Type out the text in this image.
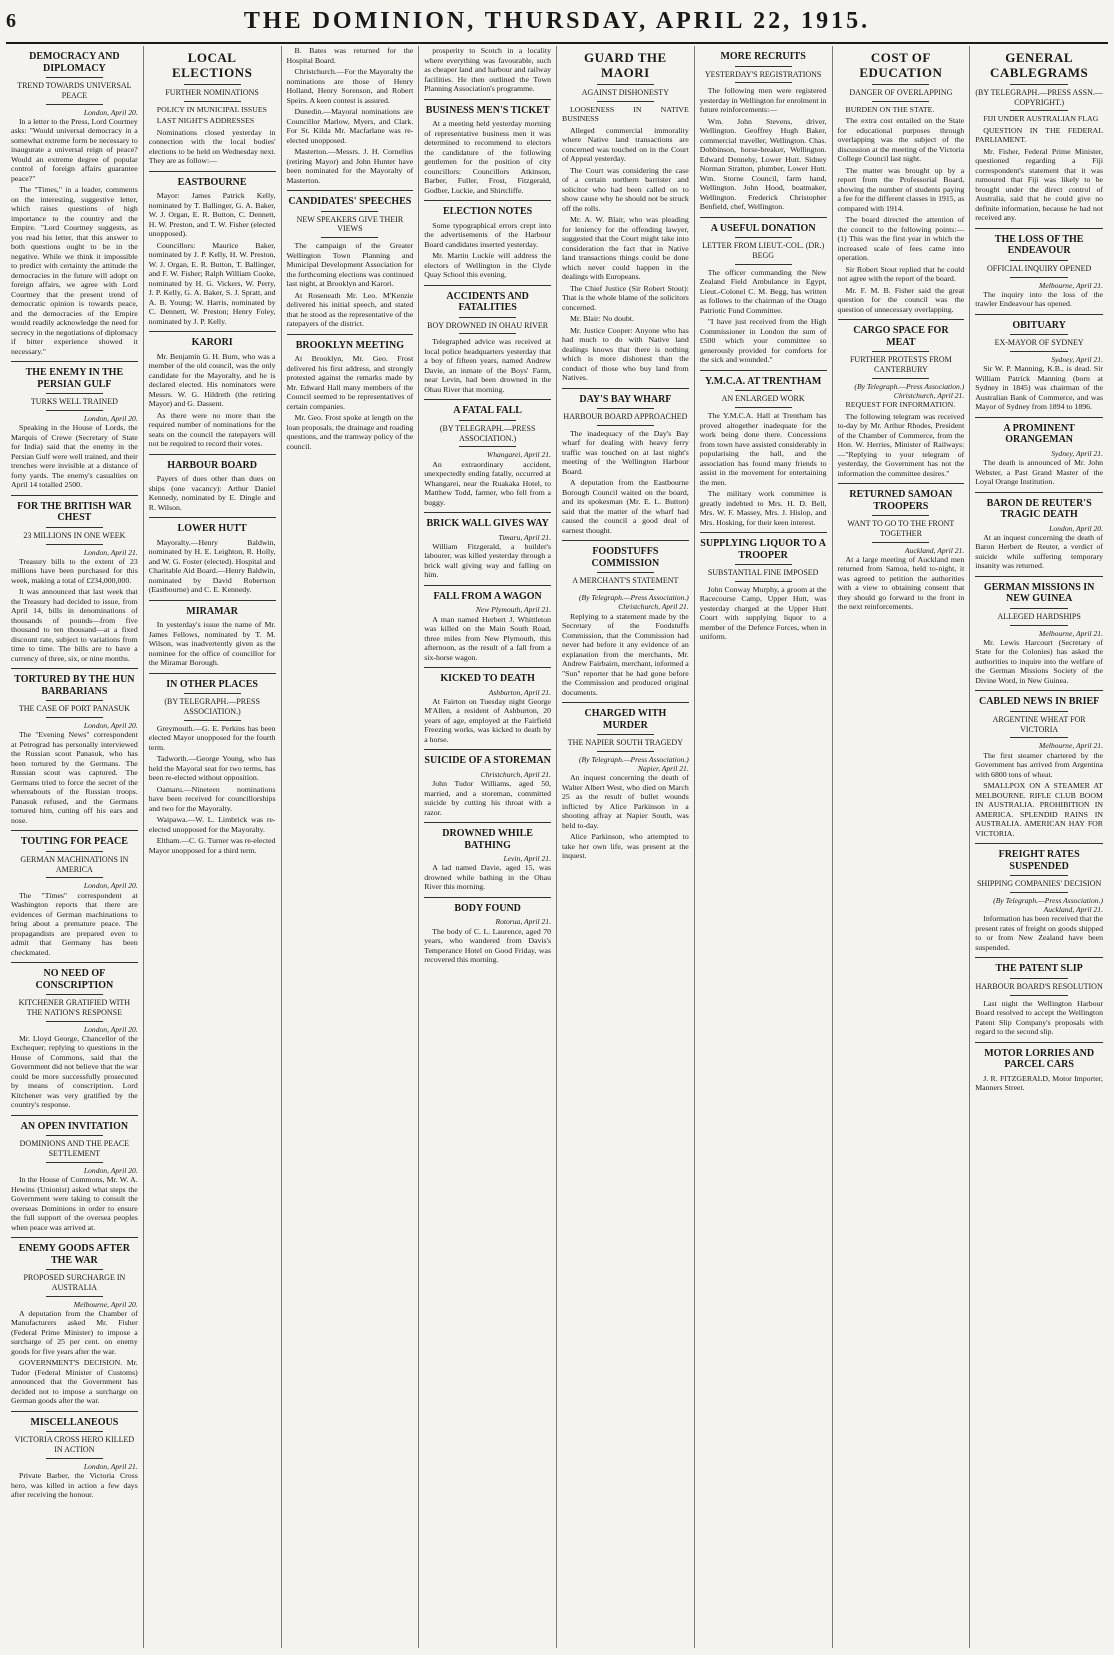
6	THE DOMINION, THURSDAY, APRIL 22, 1915.
DEMOCRACY AND DIPLOMACY
TREND TOWARDS UNIVERSAL PEACE
London, April 20.

In a letter to the Press, Lord Courtney asks: "Would universal democracy in a somewhat extreme form be necessary to inaugurate a universal reign of peace? Would an extreme degree of popular control of foreign affairs guarantee peace?"

The "Times," in a leader, comments on the interesting, suggestive letter, which raises questions of high importance to the country and the Empire. "Lord Courtney suggests, as you read his letter, that this answer to both questions ought to be in the negative. While we think it impossible to predict with certainty the attitude the democracies in the future will adopt on foreign affairs, we agree with Lord Courtney that the present trend of democratic opinion is towards peace, and the democracies of the Empire would readily acknowledge the need for secrecy in the negotiations of diplomacy if bitter experience showed it necessary."

THE ENEMY IN THE PERSIAN GULF
TURKS WELL TRAINED
London, April 20.

Speaking in the House of Lords, the Marquis of Crewe (Secretary of State for India) said that the enemy in the Persian Gulf were well trained, and their trenches were invisible at a distance of forty yards. The enemy's casualties on April 14 totalled 2500.

FOR THE BRITISH WAR CHEST
23 MILLIONS IN ONE WEEK
London, April 21.

Treasury bills to the extent of 23 millions have been purchased for this week, making a total of £234,000,000.

It was announced that last week that the Treasury had decided to issue, from April 14, bills in denominations of thousands of pounds—from five thousand to ten thousand—at a fixed discount rate, subject to variations from time to time. The bills are to have a currency of three, six, or nine months.

TORTURED BY THE HUN BARBARIANS
THE CASE OF PORT PANASUK
London, April 20.

The "Evening News" correspondent at Petrograd has personally interviewed the Russian scout Panasuk, who has been tortured by the Germans. The Russian scout was captured. The Germans tried to force the secret of the whereabouts of the Russian troops. Panasuk refused, and the Germans tortured him, cutting off his ears and nose.

TOUTING FOR PEACE
GERMAN MACHINATIONS IN AMERICA
London, April 20.

The "Times" correspondent at Washington reports that there are evidences of German machinations to bring about a premature peace. The propagandists are prepared even to admit that Germany has been checkmated.

NO NEED OF CONSCRIPTION
KITCHENER GRATIFIED WITH THE NATION'S RESPONSE
London, April 20.

Mr. Lloyd George, Chancellor of the Exchequer, replying to questions in the House of Commons, said that the Government did not believe that the war could be more successfully prosecuted by means of conscription. Lord Kitchener was very gratified by the country's response.

AN OPEN INVITATION
DOMINIONS AND THE PEACE SETTLEMENT
London, April 20.

In the House of Commons, Mr. W. A. Hewins (Unionist) asked what steps the Government were taking to consult the overseas Dominions in order to ensure the full support of the oversea peoples when peace was arrived at.

ENEMY GOODS AFTER THE WAR
PROPOSED SURCHARGE IN AUSTRALIA
Melbourne, April 20.

A deputation from the Chamber of Manufacturers asked Mr. Fisher (Federal Prime Minister) to impose a surcharge of 25 per cent. on enemy goods for five years after the war.

GOVERNMENT'S DECISION. Mr. Tudor (Federal Minister of Customs) announced that the Government has decided not to impose a surcharge on German goods after the war.

MISCELLANEOUS
VICTORIA CROSS HERO KILLED IN ACTION
London, April 21.

Private Barber, the Victoria Cross hero, was killed in action a few days after receiving the honour.

LOCAL ELECTIONS
FURTHER NOMINATIONS

POLICY IN MUNICIPAL ISSUES

LAST NIGHT'S ADDRESSES

Nominations closed yesterday in connection with the local bodies' elections to be held on Wednesday next. They are as follow:—

EASTBOURNE

Mayor: James Patrick Kelly, nominated by T. Ballinger, G. A. Baker, W. J. Organ, E. R. Button, C. Dennett, H. W. Preston, and T. W. Fisher (elected unopposed).

Councillors: Maurice Baker, nominated by J. P. Kelly, H. W. Preston, W. J. Organ, E. R. Button, T. Ballinger, and F. W. Fisher; Ralph William Cooke, nominated by H. G. Vickers, W. Perry, J. P. Kelly, G. A. Baker, S. J. Spratt, and A. B. Young; W. Harris, nominated by C. Dennett, W. Preston; Henry Foley, nominated by J. P. Kelly.

KARORI

Mr. Benjamin G. H. Burn, who was a member of the old council, was the only candidate for the Mayoralty, and he is declared elected. His nominators were Messrs. W. G. Hildreth (the retiring Mayor) and G. Dassent.

As there were no more than the required number of nominations for the seats on the council the ratepayers will not be required to record their votes.

HARBOUR BOARD

Payers of dues other than dues on ships (one vacancy): Arthur Daniel Kennedy, nominated by E. Dingle and R. Wilson.

LOWER HUTT

Mayoralty.—Henry Baldwin, nominated by H. E. Leighton, R. Holly, and W. G. Foster (elected). Hospital and Charitable Aid Board.—Henry Baldwin, nominated by David Robertson (Eastbourne) and C. E. Kennedy.

MIRAMAR

In yesterday's issue the name of Mr. James Fellows, nominated by T. M. Wilson, was inadvertently given as the nominee for the office of councillor for the Miramar Borough.

IN OTHER PLACES
(BY TELEGRAPH.—PRESS ASSOCIATION.)

Greymouth.—G. E. Perkins has been elected Mayor unopposed for the fourth term.

Tadworth.—George Young, who has held the Mayoral seat for two terms, has been re-elected without opposition.

Oamaru.—Nineteen nominations have been received for councillorships and two for the Mayoralty.

Waipawa.—W. L. Limbrick was re-elected unopposed for the Mayoralty.

Eltham.—C. G. Turner was re-elected Mayor unopposed for a third term.

B. Bates was returned for the Hospital Board.

Christchurch.—For the Mayoralty the nominations are those of Henry Holland, Henry Sorenson, and Robert Speirs. A keen contest is assured.

Dunedin.—Mayoral nominations are Councillor Marlow, Myers, and Clark. For St. Kilda Mr. Macfarlane was re-elected unopposed.

Masterton.—Messrs. J. H. Cornelius (retiring Mayor) and John Hunter have been nominated for the Mayoralty of Masterton.

CANDIDATES' SPEECHES
NEW SPEAKERS GIVE THEIR VIEWS

The campaign of the Greater Wellington Town Planning and Municipal Development Association for the forthcoming elections was continued last night, at Brooklyn and Karori.

At Roseneath Mr. Leo. M'Kenzie delivered his initial speech, and stated that he stood as the representative of the ratepayers of the district.

BROOKLYN MEETING

At Brooklyn, Mr. Geo. Frost delivered his first address, and strongly protested against the remarks made by Mr. Edward Hall many members of the Council seemed to be representatives of certain companies.

Mr. Geo. Frost spoke at length on the loan proposals, the drainage and roading questions, and the tramway policy of the council.

prosperity to Scotch in a locality where everything was favourable, such as cheaper land and harbour and railway facilities. He then outlined the Town Planning Association's programme.

BUSINESS MEN'S TICKET

At a meeting held yesterday morning of representative business men it was determined to recommend to electors the candidature of the following gentlemen for the position of city councillors: Councillors Atkinson, Barber, Fuller, Frost, Fitzgerald, Godber, Luckie, and Shirtcliffe.

ELECTION NOTES

Some typographical errors crept into the advertisements of the Harbour Board candidates inserted yesterday.

Mr. Martin Luckie will address the electors of Wellington in the Clyde Quay School this evening.

ACCIDENTS AND FATALITIES
BOY DROWNED IN OHAU RIVER

Telegraphed advice was received at local police headquarters yesterday that a boy of fifteen years, named Andrew Davie, an inmate of the Boys' Farm, near Levin, had been drowned in the Ohau River that morning.

A FATAL FALL
(BY TELEGRAPH.—PRESS ASSOCIATION.)
Whangarei, April 21.

An extraordinary accident, unexpectedly ending fatally, occurred at Whangarei, near the Ruakaka Hotel, to Matthew Todd, farmer, who fell from a buggy.

BRICK WALL GIVES WAY
Timaru, April 21.

William Fitzgerald, a builder's labourer, was killed yesterday through a brick wall giving way and falling on him.

FALL FROM A WAGON
New Plymouth, April 21.

A man named Herbert J. Whittleton was killed on the Main South Road, three miles from New Plymouth, this afternoon, as the result of a fall from a six-horse wagon.

KICKED TO DEATH
Ashburton, April 21.

At Fairton on Tuesday night George M'Allen, a resident of Ashburton, 20 years of age, employed at the Fairfield Freezing works, was kicked to death by a horse.

SUICIDE OF A STOREMAN
Christchurch, April 21.

John Tudor Williams, aged 50, married, and a storeman, committed suicide by cutting his throat with a razor.

DROWNED WHILE BATHING
Levin, April 21.

A lad named Davie, aged 15, was drowned while bathing in the Ohau River this morning.

BODY FOUND
Rotorua, April 21.

The body of C. L. Laurence, aged 70 years, who wandered from Davis's Temperance Hotel on Good Friday, was recovered this morning.

GUARD THE MAORI
AGAINST DISHONESTY

LOOSENESS IN NATIVE BUSINESS

Alleged commercial immorality where Native land transactions are concerned was touched on in the Court of Appeal yesterday.

The Court was considering the case of a certain northern barrister and solicitor who had been called on to show cause why he should not be struck off the rolls.

Mr. A. W. Blair, who was pleading for leniency for the offending lawyer, suggested that the Court might take into consideration the fact that in Native land transactions things could be done which never could happen in the dealings with Europeans.

The Chief Justice (Sir Robert Stout): That is the whole blame of the solicitors concerned.

Mr. Blair: No doubt.

Mr. Justice Cooper: Anyone who has had much to do with Native land dealings knows that there is nothing which is more dishonest than the conduct of those who buy land from Natives.

DAY'S BAY WHARF
HARBOUR BOARD APPROACHED

The inadequacy of the Day's Bay wharf for dealing with heavy ferry traffic was touched on at last night's meeting of the Wellington Harbour Board.

A deputation from the Eastbourne Borough Council waited on the board, and its spokesman (Mr. E. L. Button) said that the matter of the wharf had caused the council a good deal of earnest thought.

FOODSTUFFS COMMISSION
A MERCHANT'S STATEMENT
(By Telegraph.—Press Association.) Christchurch, April 21.

Replying to a statement made by the Secretary of the Foodstuffs Commission, that the Commission had never had before it any evidence of an explanation from the merchants, Mr. Andrew Fairbairn, merchant, informed a "Sun" reporter that he had gone before the Commission and produced original documents.

CHARGED WITH MURDER
THE NAPIER SOUTH TRAGEDY
(By Telegraph.—Press Association.) Napier, April 21.

An inquest concerning the death of Walter Albert West, who died on March 25 as the result of bullet wounds inflicted by Alice Parkinson in a shooting affray at Napier South, was held to-day.

Alice Parkinson, who attempted to take her own life, was present at the inquest.

MORE RECRUITS
YESTERDAY'S REGISTRATIONS

The following men were registered yesterday in Wellington for enrolment in future reinforcements:—

Wm. John Stevens, driver, Wellington. Geoffrey Hugh Baker, commercial traveller, Wellington. Chas. Dobbinson, horse-breaker, Wellington. Edward Dennehy, Lower Hutt. Sidney Norman Stratton, plumber, Lower Hutt. Wm. Storne Council, farm hand, Wellington. John Hood, boatmaker, Wellington. Frederick Christopher Benfield, chef, Wellington.

A USEFUL DONATION
LETTER FROM LIEUT.-COL. (DR.) BEGG

The officer commanding the New Zealand Field Ambulance in Egypt, Lieut.-Colonel C. M. Begg, has written as follows to the chairman of the Otago Patriotic Fund Committee.

"I have just received from the High Commissioner in London the sum of £500 which your committee so generously provided for comforts for the sick and wounded."

Y.M.C.A. AT TRENTHAM
AN ENLARGED WORK

The Y.M.C.A. Hall at Trentham has proved altogether inadequate for the work being done there. Concessions from town have assisted considerably in popularising the hall, and the association has found many friends to assist in the movement for entertaining the men.

The military work committee is greatly indebted to Mrs. H. D. Bell, Mrs. W. F. Massey, Mrs. J. Hislop, and Mrs. Hosking, for their keen interest.

SUPPLYING LIQUOR TO A TROOPER
SUBSTANTIAL FINE IMPOSED

John Conway Murphy, a groom at the Racecourse Camp, Upper Hutt, was yesterday charged at the Upper Hutt Court with supplying liquor to a member of the Defence Forces, when in uniform.

COST OF EDUCATION
DANGER OF OVERLAPPING

BURDEN ON THE STATE.

The extra cost entailed on the State for educational purposes through overlapping was the subject of the discussion at the meeting of the Victoria College Council last night.

The matter was brought up by a report from the Professorial Board, showing the number of students paying a fee for the different classes in 1915, as compared with 1914.

The board directed the attention of the council to the following points:— (1) This was the first year in which the increased scale of fees came into operation.

Sir Robert Stout replied that he could not agree with the report of the board.

Mr. F. M. B. Fisher said the great question for the council was the question of unnecessary overlapping.

CARGO SPACE FOR MEAT
FURTHER PROTESTS FROM CANTERBURY
(By Telegraph.—Press Association.) Christchurch, April 21.

REQUEST FOR INFORMATION.

The following telegram was received to-day by Mr. Arthur Rhodes, President of the Chamber of Commerce, from the Hon. W. Herries, Minister of Railways:—"Replying to your telegram of yesterday, the Government has not the information the committee desires."

RETURNED SAMOAN TROOPERS
WANT TO GO TO THE FRONT TOGETHER
Auckland, April 21.

At a large meeting of Auckland men returned from Samoa, held to-night, it was agreed to petition the authorities with a view to obtaining consent that they should go forward to the front in the next reinforcements.

GENERAL CABLEGRAMS
(BY TELEGRAPH.—PRESS ASSN.—COPYRIGHT.)

FIJI UNDER AUSTRALIAN FLAG

QUESTION IN THE FEDERAL PARLIAMENT.

Mr. Fisher, Federal Prime Minister, questioned regarding a Fiji correspondent's statement that it was rumoured that Fiji was likely to be brought under the direct control of Australia, said that he could give no definite information, because he had not received any.

THE LOSS OF THE ENDEAVOUR
OFFICIAL INQUIRY OPENED
Melbourne, April 21.

The inquiry into the loss of the trawler Endeavour has opened.

OBITUARY
EX-MAYOR OF SYDNEY
Sydney, April 21.

Sir W. P. Manning, K.B., is dead. Sir William Patrick Manning (born at Sydney in 1845) was chairman of the Australian Bank of Commerce, and was Mayor of Sydney from 1894 to 1896.

A PROMINENT ORANGEMAN
Sydney, April 21.

The death is announced of Mr. John Webster, a Past Grand Master of the Loyal Orange Institution.

BARON DE REUTER'S TRAGIC DEATH
London, April 20.

At an inquest concerning the death of Baron Herbert de Reuter, a verdict of suicide while suffering temporary insanity was returned.

GERMAN MISSIONS IN NEW GUINEA
ALLEGED HARDSHIPS
Melbourne, April 21.

Mr. Lewis Harcourt (Secretary of State for the Colonies) has asked the authorities to inquire into the welfare of the German Missions Society of the Divine Word, in New Guinea.

CABLED NEWS IN BRIEF
ARGENTINE WHEAT FOR VICTORIA
Melbourne, April 21.

The first steamer chartered by the Government has arrived from Argentina with 6800 tons of wheat.

SMALLPOX ON A STEAMER AT MELBOURNE. RIFLE CLUB BOOM IN AUSTRALIA. PROHIBITION IN AMERICA. SPLENDID RAINS IN AUSTRALIA. AMERICAN HAY FOR VICTORIA.

FREIGHT RATES SUSPENDED
SHIPPING COMPANIES' DECISION
(By Telegraph.—Press Association.) Auckland, April 21.

Information has been received that the present rates of freight on goods shipped to or from New Zealand have been suspended.

THE PATENT SLIP
HARBOUR BOARD'S RESOLUTION

Last night the Wellington Harbour Board resolved to accept the Wellington Patent Slip Company's proposals with regard to the second slip.

MOTOR LORRIES AND PARCEL CARS

J. R. FITZGERALD, Motor Importer, Manners Street.
